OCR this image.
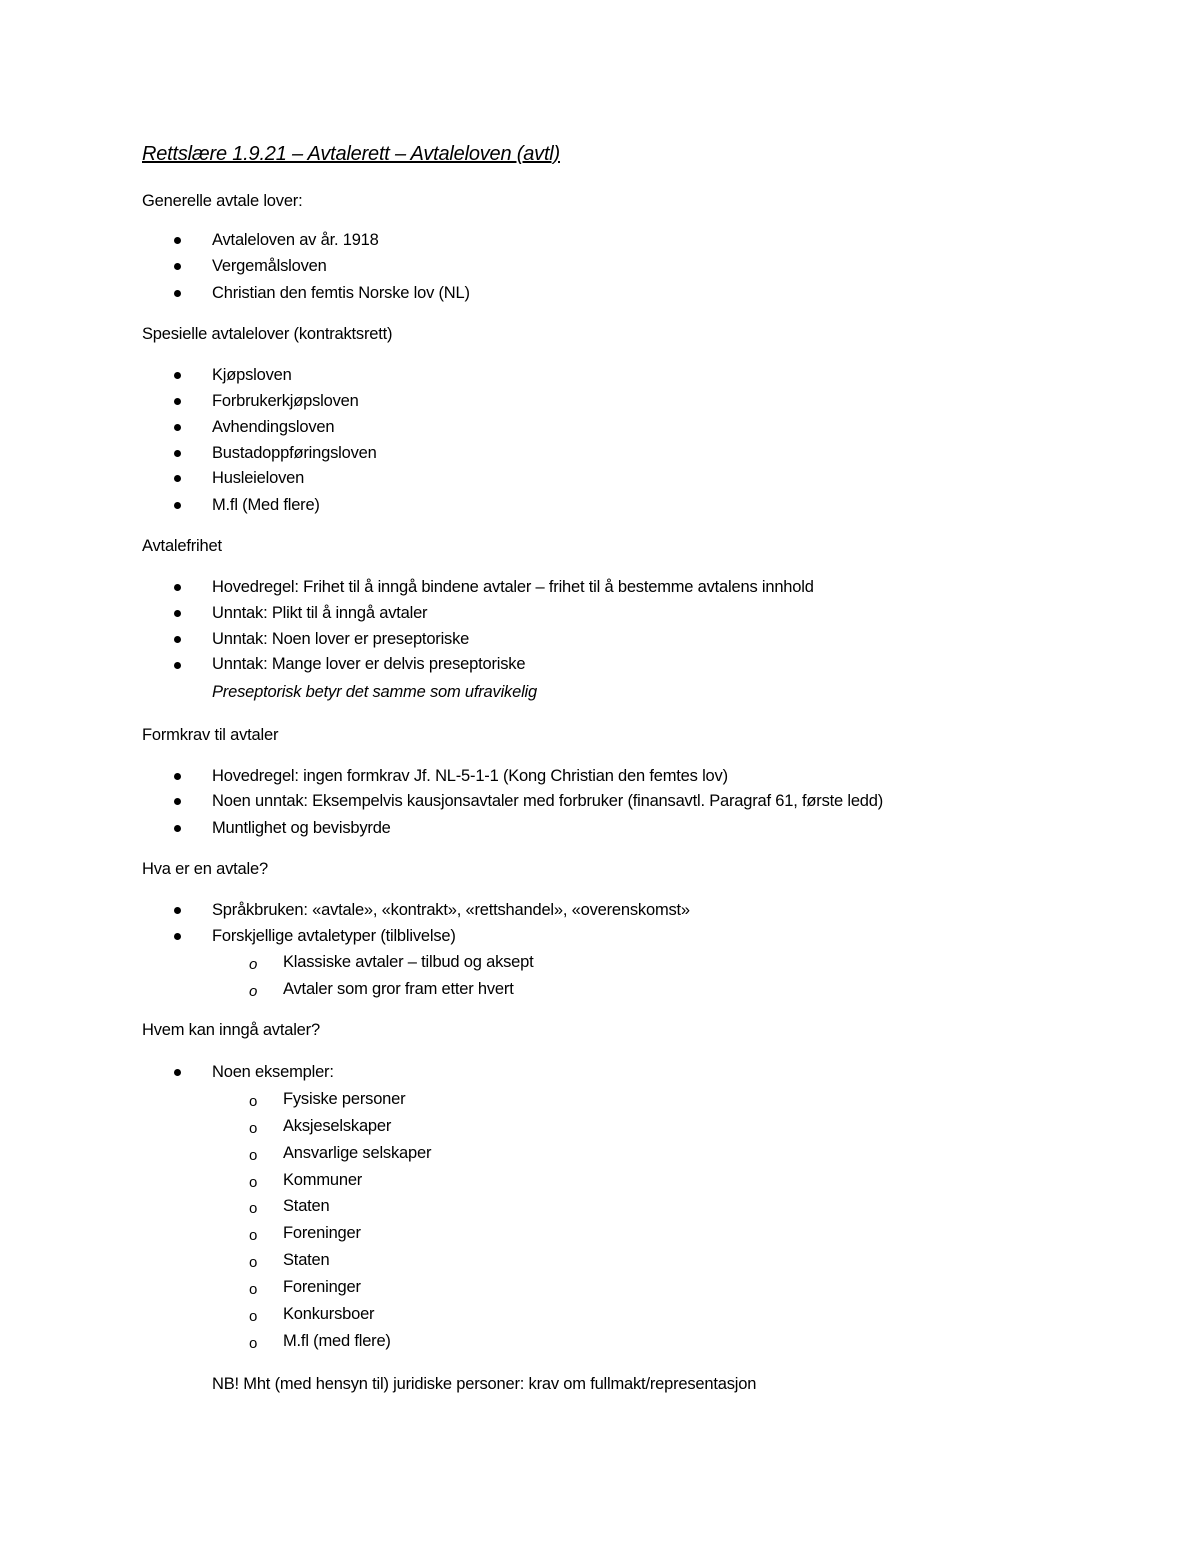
Rettslære 1.9.21 – Avtalerett – Avtaleloven (avtl)
Generelle avtale lover:
Avtaleloven av år. 1918
Vergemålsloven
Christian den femtis Norske lov (NL)
Spesielle avtalelover (kontraktsrett)
Kjøpsloven
Forbrukerkjøpsloven
Avhendingsloven
Bustadoppføringsloven
Husleieloven
M.fl (Med flere)
Avtalefrihet
Hovedregel: Frihet til å inngå bindene avtaler – frihet til å bestemme avtalens innhold
Unntak: Plikt til å inngå avtaler
Unntak: Noen lover er preseptoriske
Unntak: Mange lover er delvis preseptoriske
Preseptorisk betyr det samme som ufravikelig
Formkrav til avtaler
Hovedregel: ingen formkrav Jf. NL-5-1-1 (Kong Christian den femtes lov)
Noen unntak: Eksempelvis kausjonsavtaler med forbruker (finansavtl. Paragraf 61, første ledd)
Muntlighet og bevisbyrde
Hva er en avtale?
Språkbruken: «avtale», «kontrakt», «rettshandel», «overenskomst»
Forskjellige avtaletyper (tilblivelse)
o Klassiske avtaler – tilbud og aksept
o Avtaler som gror fram etter hvert
Hvem kan inngå avtaler?
Noen eksempler:
o Fysiske personer
o Aksjeselskaper
o Ansvarlige selskaper
o Kommuner
o Staten
o Foreninger
o Staten
o Foreninger
o Konkursboer
o M.fl (med flere)
NB! Mht (med hensyn til) juridiske personer: krav om fullmakt/representasjon
